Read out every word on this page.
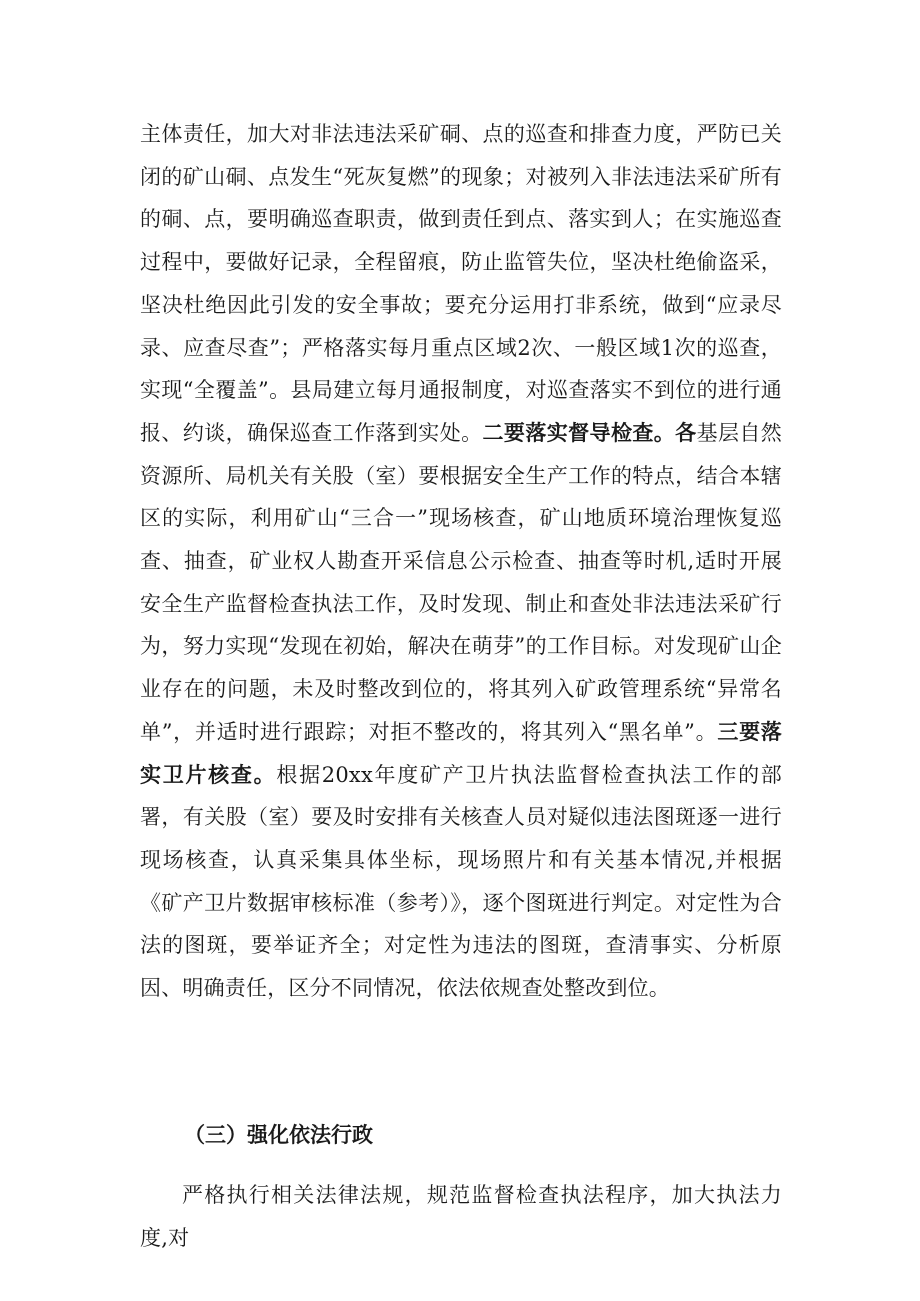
主体责任，加大对非法违法采矿硐、点的巡查和排查力度，严防已关闭的矿山硐、点发生“死灰复燃”的现象；对被列入非法违法采矿所有的硐、点，要明确巡查职责，做到责任到点、落实到人；在实施巡查过程中，要做好记录，全程留痕，防止监管失位，坚决杜绝偷盗采，坚决杜绝因此引发的安全事故；要充分运用打非系统，做到“应录尽录、应查尽查”；严格落实每月重点区域2次、一般区域1次的巡查，实现“全覆盖”。县局建立每月通报制度，对巡查落实不到位的进行通报、约谈，确保巡查工作落到实处。二要落实督导检查。各基层自然资源所、局机关有关股（室）要根据安全生产工作的特点，结合本辖区的实际，利用矿山“三合一”现场核查，矿山地质环境治理恢复巡查、抽查，矿业权人勘查开采信息公示检查、抽查等时机,适时开展安全生产监督检查执法工作，及时发现、制止和查处非法违法采矿行为，努力实现“发现在初始，解决在萌芽”的工作目标。对发现矿山企业存在的问题，未及时整改到位的，将其列入矿政管理系统“异常名单”，并适时进行跟踪；对拒不整改的，将其列入“黑名单”。三要落实卫片核查。根据20xx年度矿产卫片执法监督检查执法工作的部署，有关股（室）要及时安排有关核查人员对疑似违法图斑逐一进行现场核查，认真采集具体坐标，现场照片和有关基本情况,并根据《矿产卫片数据审核标准（参考）》，逐个图斑进行判定。对定性为合法的图斑，要举证齐全；对定性为违法的图斑，查清事实、分析原因、明确责任，区分不同情况，依法依规查处整改到位。

（三）强化依法行政

严格执行相关法律法规，规范监督检查执法程序，加大执法力度,对
